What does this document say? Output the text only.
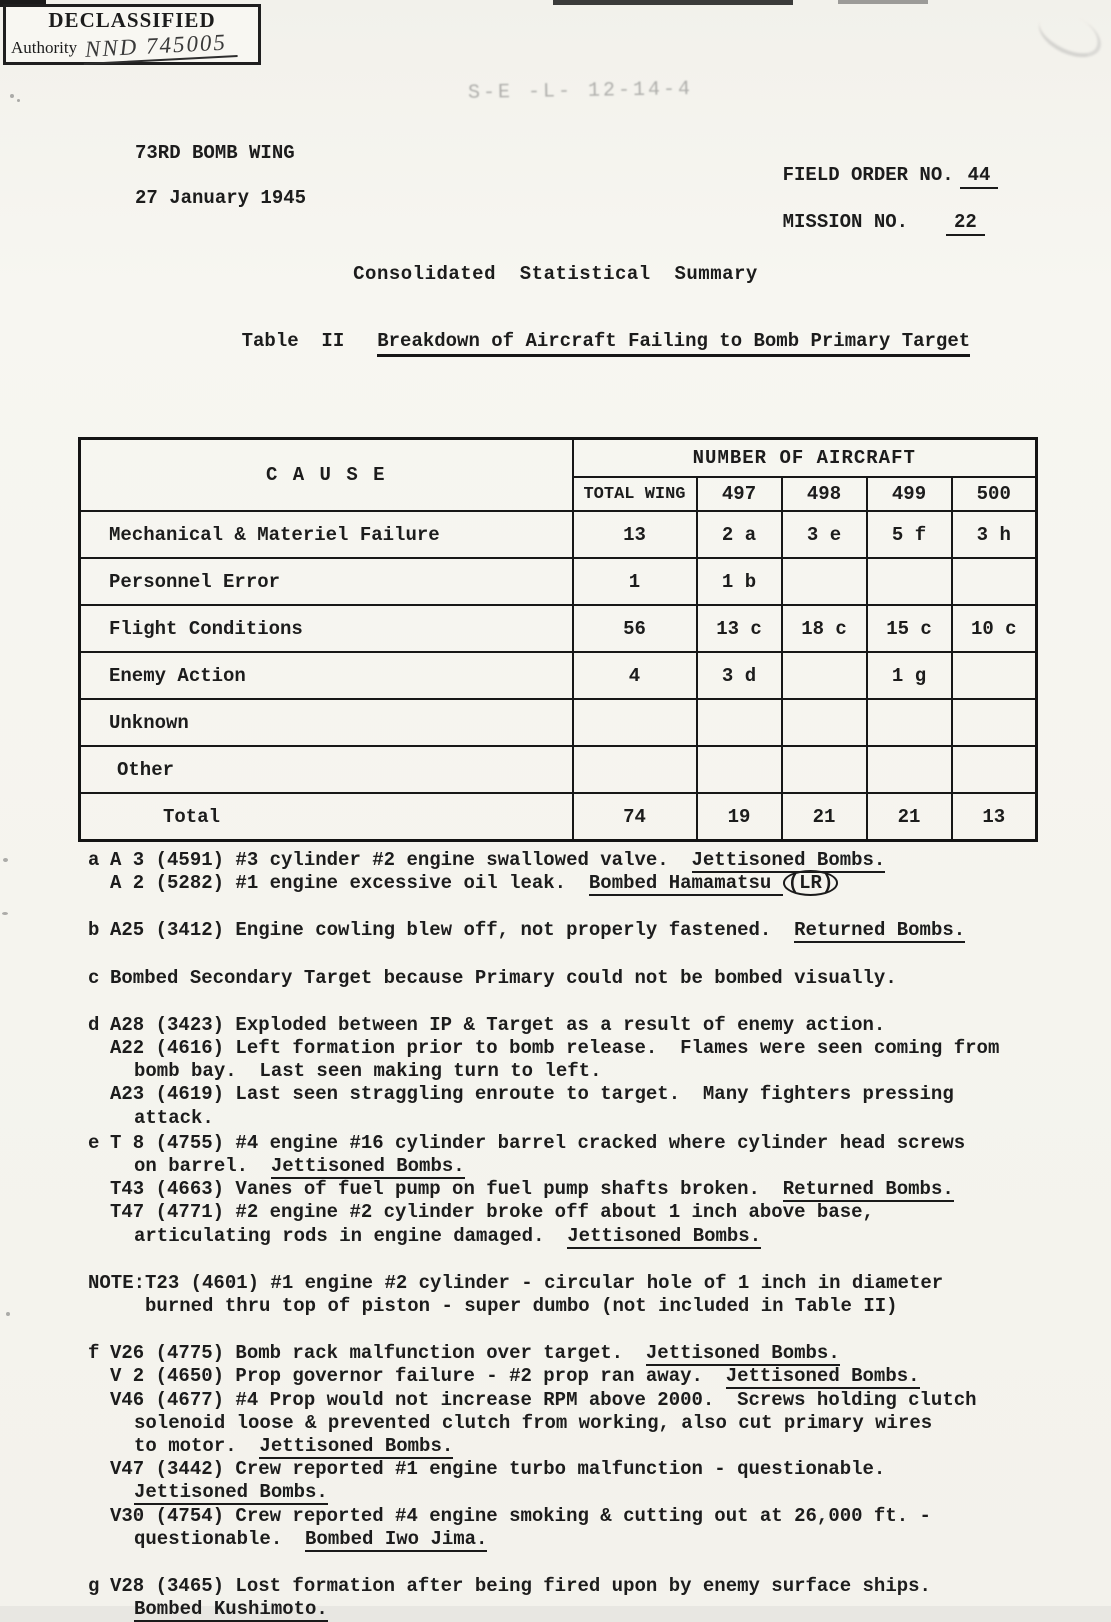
DECLASSIFIED
Authority NND 745005
S-E -L- 12-14-4
73RD BOMB WING
27 January 1945

FIELD ORDER NO. 44

MISSION NO. 22

Consolidated  Statistical  Summary

Table  II Breakdown of Aircraft Failing to Bomb Primary Target

C A U S E	NUMBER OF AIRCRAFT				
	TOTAL WING	497	498	499	500
Mechanical & Materiel Failure	13	2 a	3 e	5 f	3 h
Personnel Error	1	1 b			
Flight Conditions	56	13 c	18 c	15 c	10 c
Enemy Action	4	3 d		1 g	
Unknown					
Other					
Total	74	19	21	21	13
a A 3 (4591) #3 cylinder #2 engine swallowed valve.  Jettisoned Bombs.
A 2 (5282) #1 engine excessive oil leak.  Bombed Hamamatsu (LR)
b A25 (3412) Engine cowling blew off, not properly fastened.  Returned Bombs.
c Bombed Secondary Target because Primary could not be bombed visually.
d A28 (3423) Exploded between IP & Target as a result of enemy action.
A22 (4616) Left formation prior to bomb release.  Flames were seen coming from
bomb bay.  Last seen making turn to left.
A23 (4619) Last seen straggling enroute to target.  Many fighters pressing
attack.
e T 8 (4755) #4 engine #16 cylinder barrel cracked where cylinder head screws
on barrel.  Jettisoned Bombs.
T43 (4663) Vanes of fuel pump on fuel pump shafts broken.  Returned Bombs.
T47 (4771) #2 engine #2 cylinder broke off about 1 inch above base,
articulating rods in engine damaged.  Jettisoned Bombs.
NOTE: T23 (4601) #1 engine #2 cylinder - circular hole of 1 inch in diameter
burned thru top of piston - super dumbo (not included in Table II)
f V26 (4775) Bomb rack malfunction over target.  Jettisoned Bombs.
V 2 (4650) Prop governor failure - #2 prop ran away.  Jettisoned Bombs.
V46 (4677) #4 Prop would not increase RPM above 2000.  Screws holding clutch
solenoid loose & prevented clutch from working, also cut primary wires
to motor.  Jettisoned Bombs.
V47 (3442) Crew reported #1 engine turbo malfunction - questionable.
Jettisoned Bombs.
V30 (4754) Crew reported #4 engine smoking & cutting out at 26,000 ft. -
questionable.  Bombed Iwo Jima.
g V28 (3465) Lost formation after being fired upon by enemy surface ships.
Bombed Kushimoto.
